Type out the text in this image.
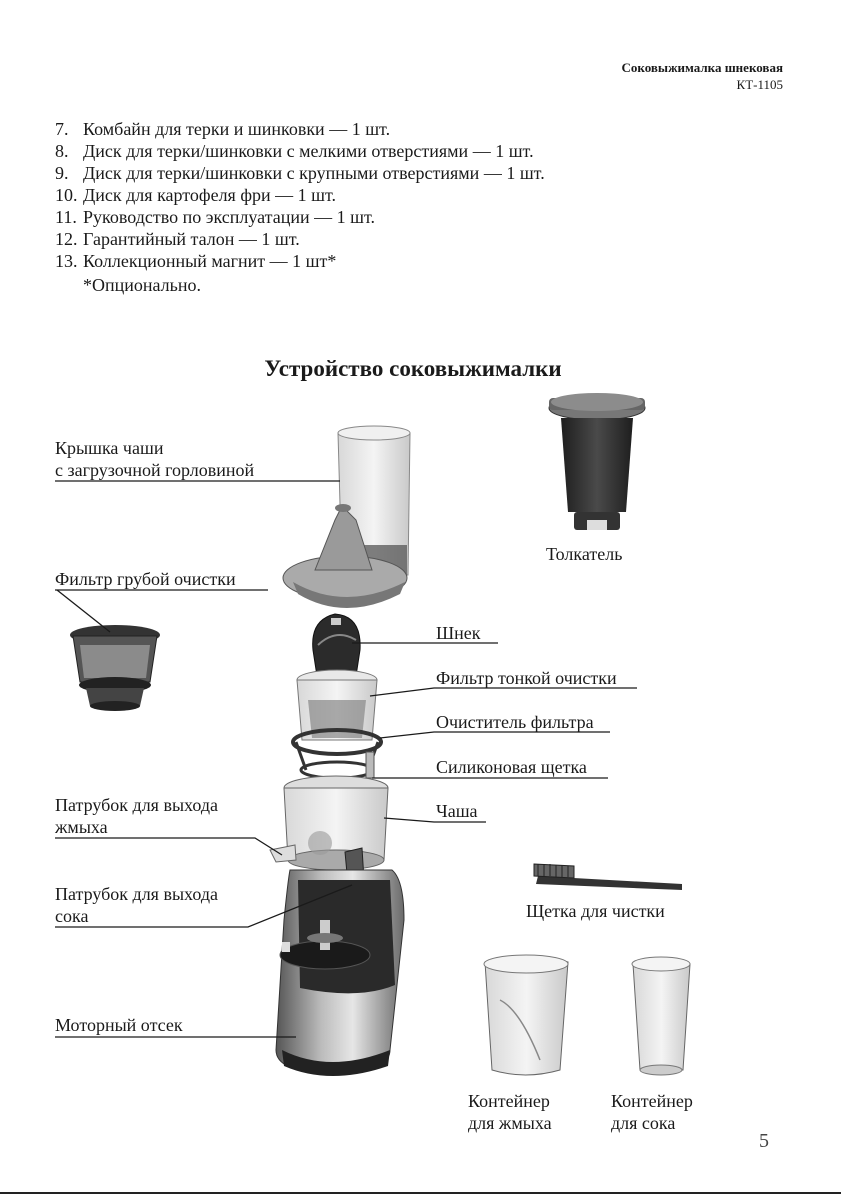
Соковыжималка шнековая
КТ-1105
7. Комбайн для терки и шинковки — 1 шт.
8. Диск для терки/шинковки с мелкими отверстиями — 1 шт.
9. Диск для терки/шинковки с крупными отверстиями — 1 шт.
10. Диск для картофеля фри — 1 шт.
11. Руководство по эксплуатации — 1 шт.
12. Гарантийный талон — 1 шт.
13. Коллекционный магнит — 1 шт*
*Опционально.
Устройство соковыжималки
Крышка чаши
с загрузочной горловиной
Фильтр грубой очистки
Толкатель
Шнек
Фильтр тонкой очистки
Очиститель фильтра
Силиконовая щетка
Чаша
Патрубок для выхода
жмыха
Патрубок для выхода
сока	Щетка для чистки
Моторный отсек
Контейнер
для жмыха
Контейнер
для сока
5
